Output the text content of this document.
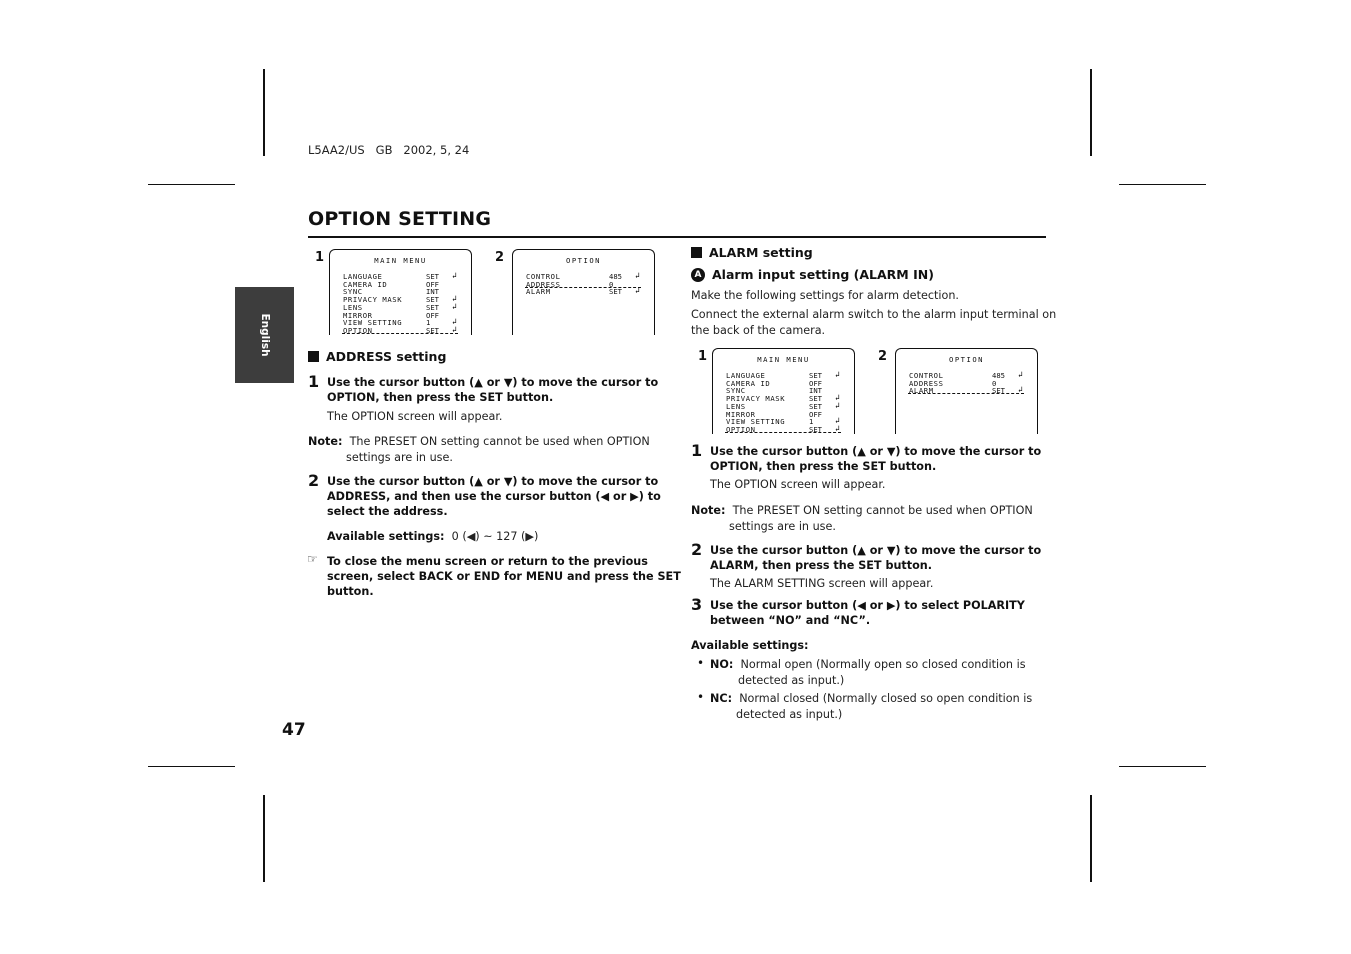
L5AA2/US   GB   2002, 5, 24
OPTION SETTING
English
47
1	MAIN MENU
LANGUAGE	SET ↲
CAMERA ID	OFF
SYNC	INT
PRIVACY MASK	SET ↲
LENS	SET ↲
MIRROR	OFF
VIEW SETTING	1	↲
OPTION	SET ↲
2	OPTION
CONTROL	485 ↲
ADDRESS	0
ALARM	SET ↲
ADDRESS setting
1 Use the cursor button (▲ or ▼) to move the cursor to
OPTION, then press the SET button.
The OPTION screen will appear.
Note: The PRESET ON setting cannot be used when OPTION
settings are in use.
2 Use the cursor button (▲ or ▼) to move the cursor to
ADDRESS, and then use the cursor button (◀ or ▶) to
select the address.
Available settings: 0 (◀) ~ 127 (▶)
☞ To close the menu screen or return to the previous
screen, select BACK or END for MENU and press the SET
button.
ALARM setting
A Alarm input setting (ALARM IN)
Make the following settings for alarm detection.
Connect the external alarm switch to the alarm input terminal on
the back of the camera.
1	MAIN MENU
LANGUAGE	SET ↲
CAMERA ID	OFF
SYNC	INT
PRIVACY MASK	SET ↲
LENS	SET ↲
MIRROR	OFF
VIEW SETTING	1	↲
OPTION	SET ↲
2	OPTION
CONTROL	485 ↲
ADDRESS	0
ALARM	SET ↲
1 Use the cursor button (▲ or ▼) to move the cursor to
OPTION, then press the SET button.
The OPTION screen will appear.
Note: The PRESET ON setting cannot be used when OPTION
settings are in use.
2 Use the cursor button (▲ or ▼) to move the cursor to
ALARM, then press the SET button.
The ALARM SETTING screen will appear.
3 Use the cursor button (◀ or ▶) to select POLARITY
between “NO” and “NC”.
Available settings:
• NO: Normal open (Normally open so closed condition is
detected as input.)
• NC: Normal closed (Normally closed so open condition is
detected as input.)
